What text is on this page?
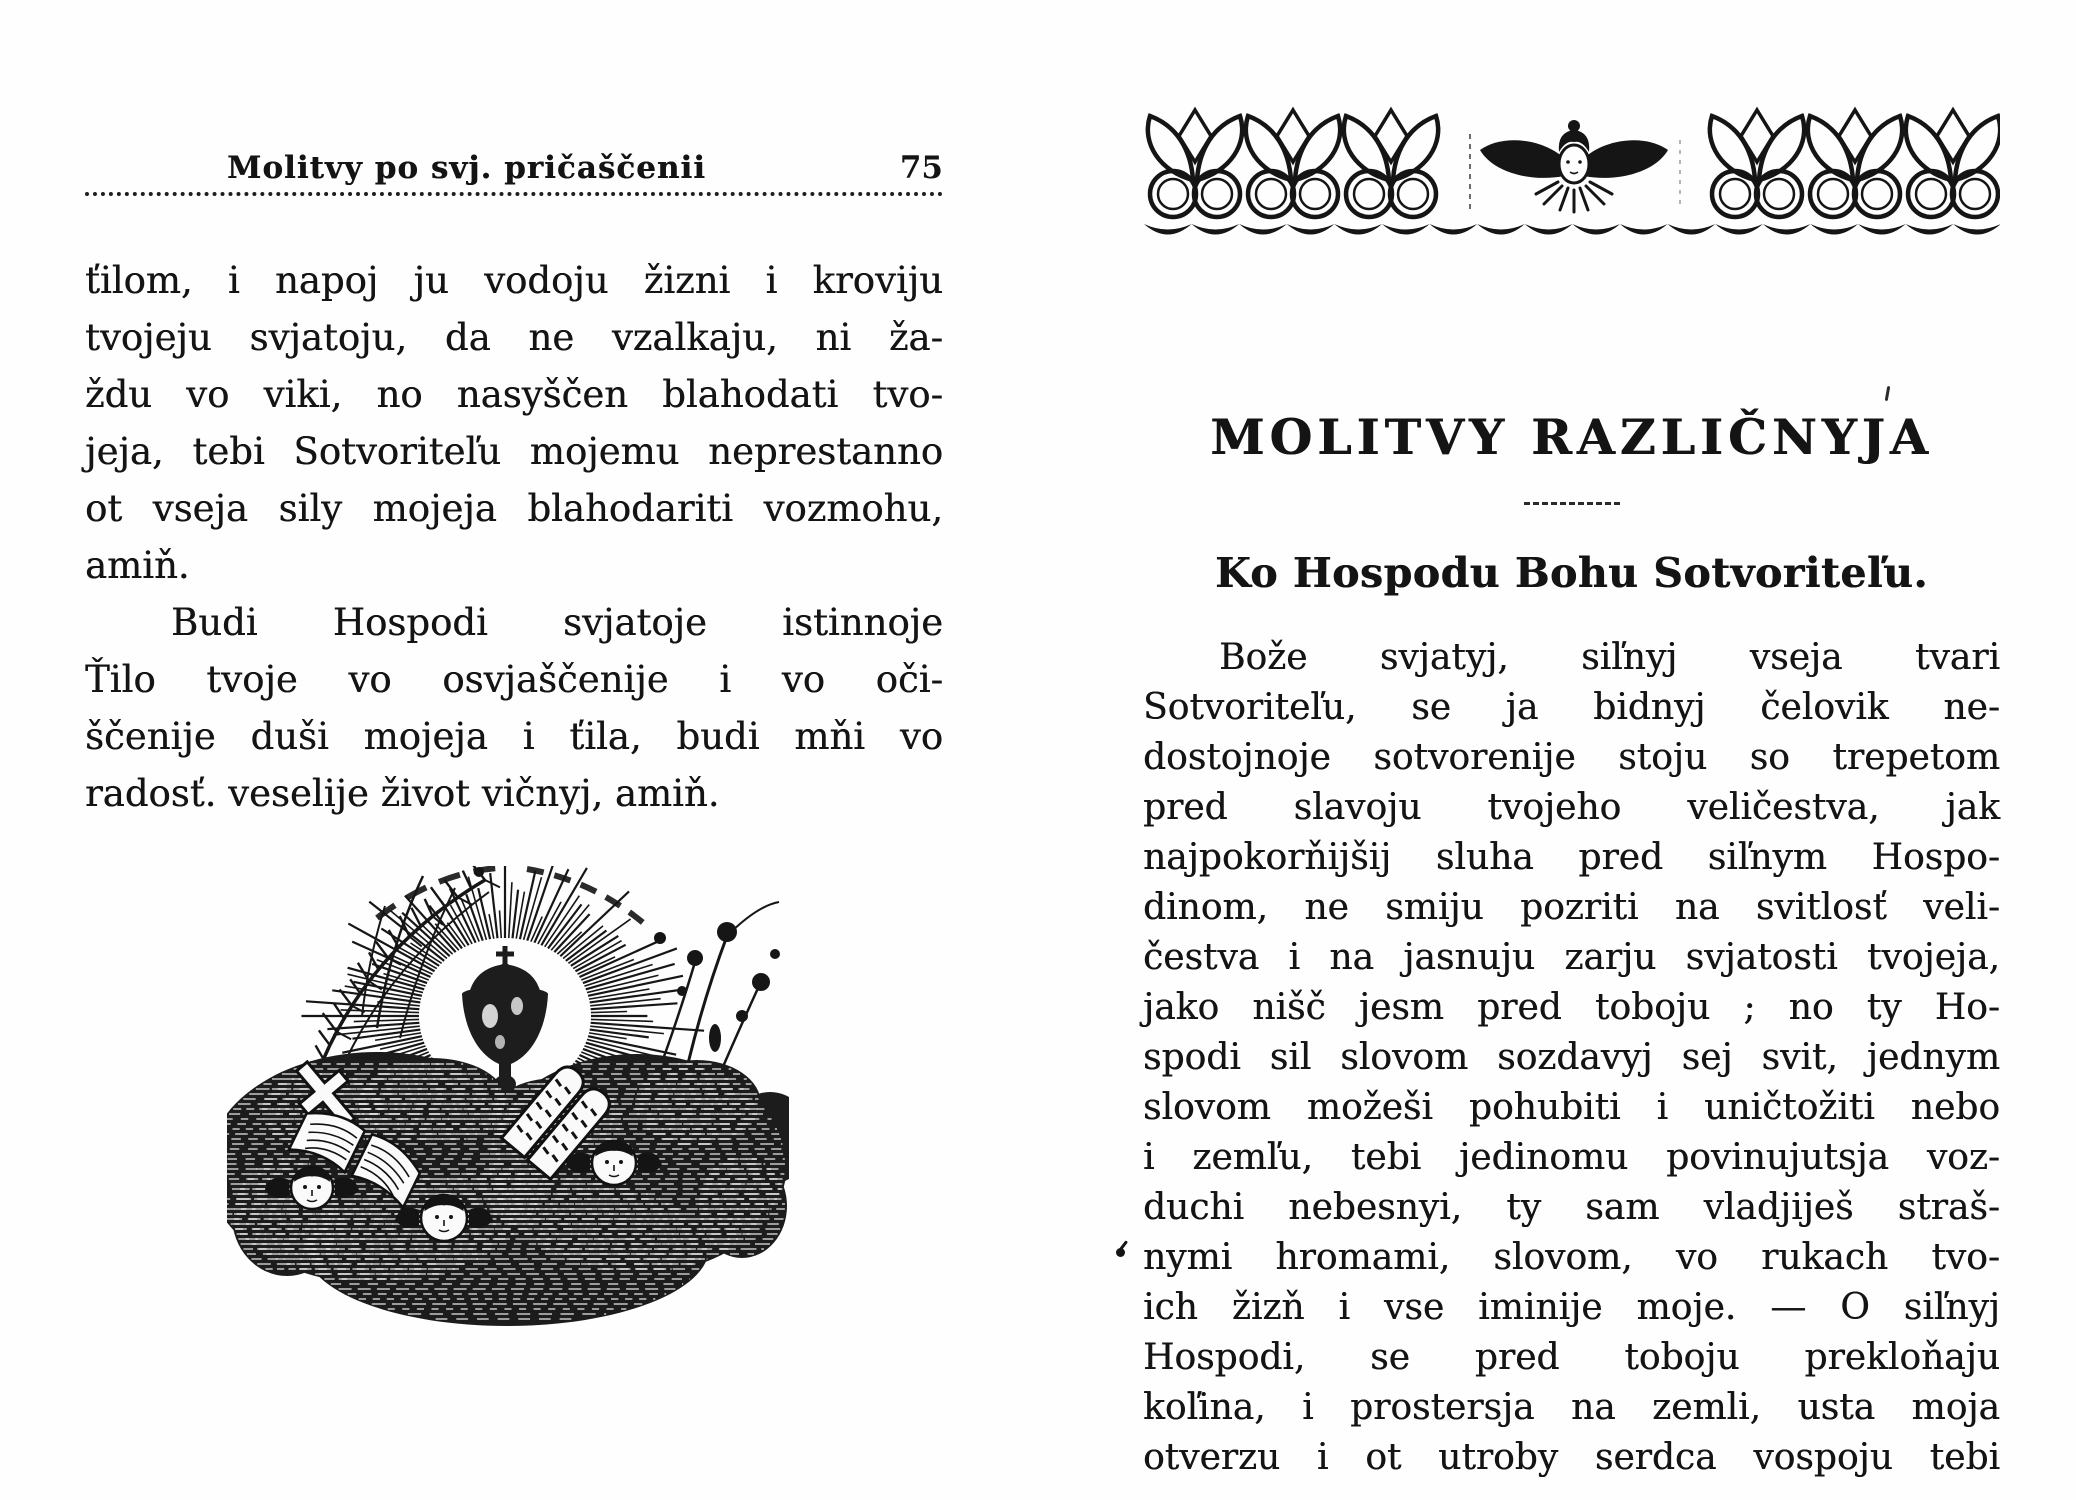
Molitvy po svj. pričaščenii	75
ťilom, i napoj ju vodoju žizni i kroviju
tvojeju svjatoju, da ne vzalkaju, ni ža-
ždu vo viki, no nasyščen blahodati tvo-
jeja, tebi Sotvoriteľu mojemu neprestanno
ot vseja sily mojeja blahodariti vozmohu,
amiň.
Budi Hospodi svjatoje istinnoje
Ťilo tvoje vo osvjaščenije i vo oči-
ščenije duši mojeja i ťila, budi mňi vo
radosť. veselije život vičnyj, amiň.
MOLITVY RAZLIČNYJA
Ko Hospodu Bohu Sotvoriteľu.
Bože svjatyj, siľnyj vseja tvari
Sotvoriteľu, se ja bidnyj čelovik ne-
dostojnoje sotvorenije stoju so trepetom
pred slavoju tvojeho veličestva, jak
najpokorňijšij sluha pred siľnym Hospo-
dinom, ne smiju pozriti na svitlosť veli-
čestva i na jasnuju zarju svjatosti tvojeja,
jako nišč jesm pred toboju ; no ty Ho-
spodi sil slovom sozdavyj sej svit, jednym
slovom možeši pohubiti i uničtožiti nebo
i zemľu, tebi jedinomu povinujutsja voz-
duchi nebesnyi, ty sam vladjiješ straš-
nymi hromami, slovom, vo rukach tvo-
ich žizň i vse iminije moje. — O siľnyj
Hospodi, se pred toboju prekloňaju
koľina, i prostersja na zemli, usta moja
otverzu i ot utroby serdca vospoju tebi
